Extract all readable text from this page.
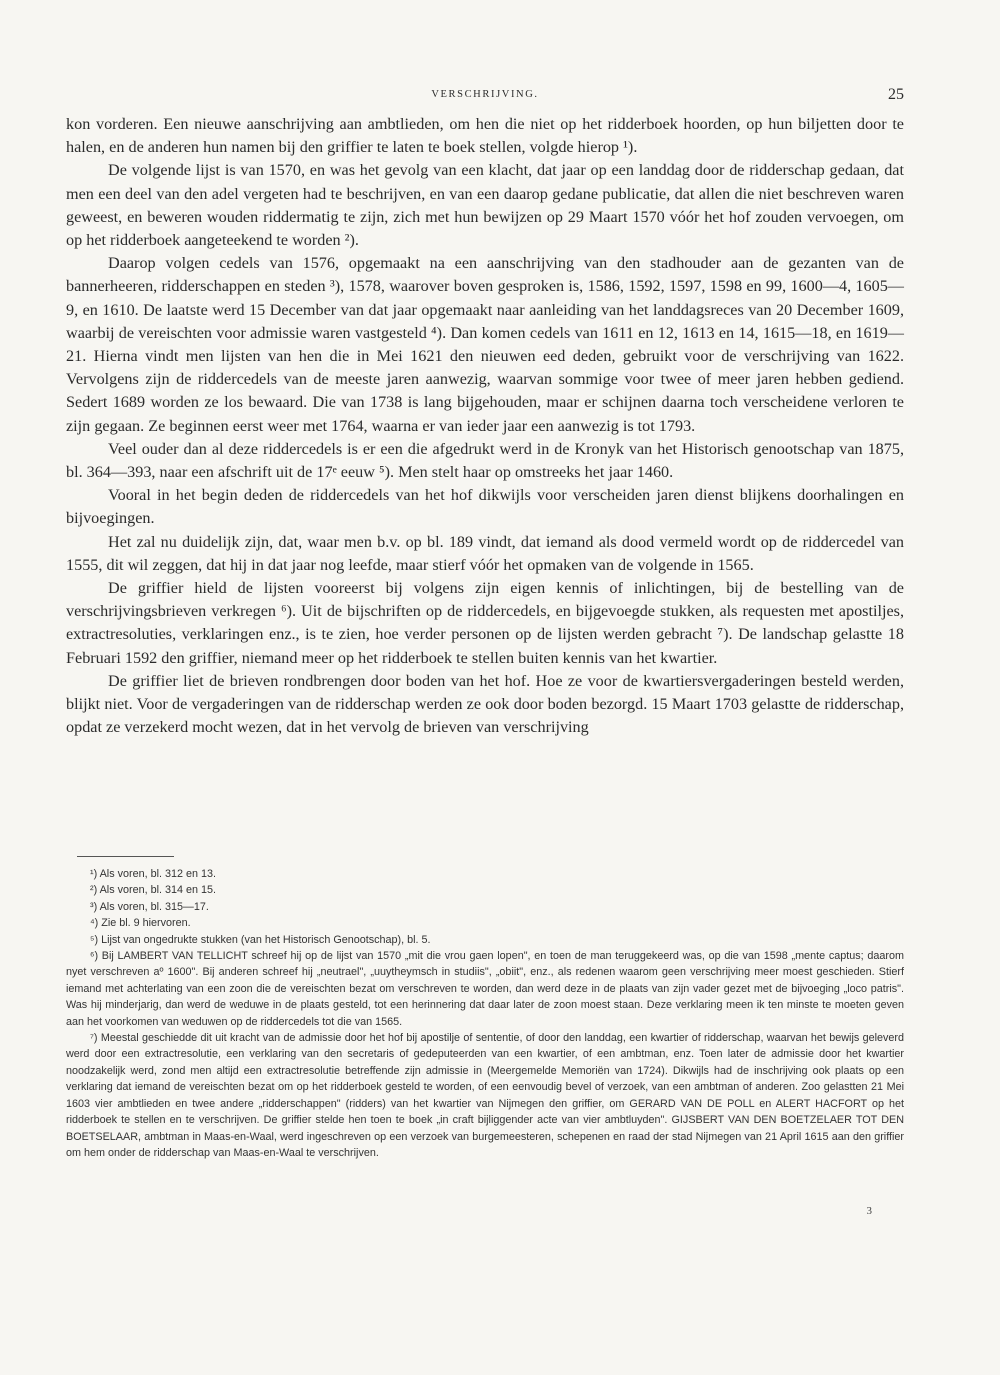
VERSCHRIJVING.	25

kon vorderen. Een nieuwe aanschrijving aan ambtlieden, om hen die niet op het ridderboek hoorden, op hun biljetten door te halen, en de anderen hun namen bij den griffier te laten te boek stellen, volgde hierop ¹).

De volgende lijst is van 1570, en was het gevolg van een klacht, dat jaar op een landdag door de ridderschap gedaan, dat men een deel van den adel vergeten had te beschrijven, en van een daarop gedane publicatie, dat allen die niet beschreven waren geweest, en beweren wouden riddermatig te zijn, zich met hun bewijzen op 29 Maart 1570 vóór het hof zouden vervoegen, om op het ridderboek aangeteekend te worden ²).

Daarop volgen cedels van 1576, opgemaakt na een aanschrijving van den stadhouder aan de gezanten van de bannerheeren, ridderschappen en steden ³), 1578, waarover boven gesproken is, 1586, 1592, 1597, 1598 en 99, 1600—4, 1605—9, en 1610. De laatste werd 15 December van dat jaar opgemaakt naar aanleiding van het landdagsreces van 20 December 1609, waarbij de vereischten voor admissie waren vastgesteld ⁴). Dan komen cedels van 1611 en 12, 1613 en 14, 1615—18, en 1619—21. Hierna vindt men lijsten van hen die in Mei 1621 den nieuwen eed deden, gebruikt voor de verschrijving van 1622. Vervolgens zijn de riddercedels van de meeste jaren aanwezig, waarvan sommige voor twee of meer jaren hebben gediend. Sedert 1689 worden ze los bewaard. Die van 1738 is lang bijgehouden, maar er schijnen daarna toch verscheidene verloren te zijn gegaan. Ze beginnen eerst weer met 1764, waarna er van ieder jaar een aanwezig is tot 1793.

Veel ouder dan al deze riddercedels is er een die afgedrukt werd in de Kronyk van het Historisch genootschap van 1875, bl. 364—393, naar een afschrift uit de 17ᵉ eeuw ⁵). Men stelt haar op omstreeks het jaar 1460.

Vooral in het begin deden de riddercedels van het hof dikwijls voor verscheiden jaren dienst blijkens doorhalingen en bijvoegingen.

Het zal nu duidelijk zijn, dat, waar men b.v. op bl. 189 vindt, dat iemand als dood vermeld wordt op de riddercedel van 1555, dit wil zeggen, dat hij in dat jaar nog leefde, maar stierf vóór het opmaken van de volgende in 1565.

De griffier hield de lijsten vooreerst bij volgens zijn eigen kennis of inlichtingen, bij de bestelling van de verschrijvingsbrieven verkregen ⁶). Uit de bijschriften op de riddercedels, en bijgevoegde stukken, als requesten met apostiljes, extractresoluties, verklaringen enz., is te zien, hoe verder personen op de lijsten werden gebracht ⁷). De landschap gelastte 18 Februari 1592 den griffier, niemand meer op het ridderboek te stellen buiten kennis van het kwartier.

De griffier liet de brieven rondbrengen door boden van het hof. Hoe ze voor de kwartiersvergaderingen besteld werden, blijkt niet. Voor de vergaderingen van de ridderschap werden ze ook door boden bezorgd. 15 Maart 1703 gelastte de ridderschap, opdat ze verzekerd mocht wezen, dat in het vervolg de brieven van verschrijving

¹) Als voren, bl. 312 en 13.

²) Als voren, bl. 314 en 15.

³) Als voren, bl. 315—17.

⁴) Zie bl. 9 hiervoren.

⁵) Lijst van ongedrukte stukken (van het Historisch Genootschap), bl. 5.

⁶) Bij LAMBERT VAN TELLICHT schreef hij op de lijst van 1570 „mit die vrou gaen lopen", en toen de man teruggekeerd was, op die van 1598 „mente captus; daarom nyet verschreven aº 1600". Bij anderen schreef hij „neutrael", „uuytheymsch in studiis", „obiit", enz., als redenen waarom geen verschrijving meer moest geschieden. Stierf iemand met achterlating van een zoon die de vereischten bezat om verschreven te worden, dan werd deze in de plaats van zijn vader gezet met de bijvoeging „loco patris". Was hij minderjarig, dan werd de weduwe in de plaats gesteld, tot een herinnering dat daar later de zoon moest staan. Deze verklaring meen ik ten minste te moeten geven aan het voorkomen van weduwen op de riddercedels tot die van 1565.

⁷) Meestal geschiedde dit uit kracht van de admissie door het hof bij apostilje of sententie, of door den landdag, een kwartier of ridderschap, waarvan het bewijs geleverd werd door een extractresolutie, een verklaring van den secretaris of gedeputeerden van een kwartier, of een ambtman, enz. Toen later de admissie door het kwartier noodzakelijk werd, zond men altijd een extractresolutie betreffende zijn admissie in (Meergemelde Memoriën van 1724). Dikwijls had de inschrijving ook plaats op een verklaring dat iemand de vereischten bezat om op het ridderboek gesteld te worden, of een eenvoudig bevel of verzoek, van een ambtman of anderen. Zoo gelastten 21 Mei 1603 vier ambtlieden en twee andere „ridderschappen" (ridders) van het kwartier van Nijmegen den griffier, om GERARD VAN DE POLL en ALERT HACFORT op het ridderboek te stellen en te verschrijven. De griffier stelde hen toen te boek „in craft bijliggender acte van vier ambtluyden". GIJSBERT VAN DEN BOETZELAER TOT DEN BOETSELAAR, ambtman in Maas-en-Waal, werd ingeschreven op een verzoek van burgemeesteren, schepenen en raad der stad Nijmegen van 21 April 1615 aan den griffier om hem onder de ridderschap van Maas-en-Waal te verschrijven.

3
